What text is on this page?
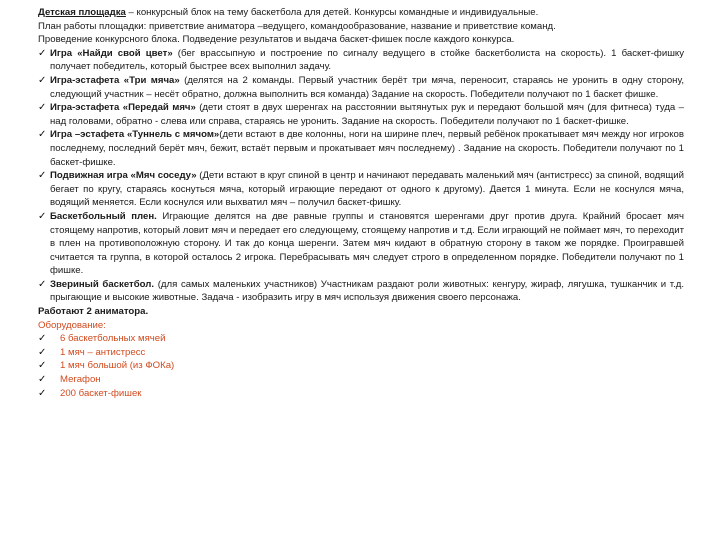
Детская площадка – конкурсный блок на тему баскетбола для детей. Конкурсы командные и индивидуальные.

План работы площадки: приветствие аниматора –ведущего, командообразование, название и приветствие команд.

Проведение конкурсного блока. Подведение результатов и выдача баскет-фишек после каждого конкурса.

✓ Игра «Найди свой цвет» (бег врассыпную и построение по сигналу ведущего в стойке баскетболиста на скорость). 1 баскет-фишку получает победитель, который быстрее всех выполнил задачу.
✓ Игра-эстафета «Три мяча» (делятся на 2 команды. Первый участник берёт три мяча, переносит, стараясь не уронить в одну сторону, следующий участник – несёт обратно, должна выполнить вся команда) Задание на скорость. Победители получают по 1 баскет фишке.
✓ Игра-эстафета «Передай мяч» (дети стоят в двух шеренгах на расстоянии вытянутых рук и передают большой мяч (для фитнеса) туда – над головами, обратно - слева или справа, стараясь не уронить. Задание на скорость. Победители получают по 1 баскет-фишке.
✓ Игра –эстафета «Туннель с мячом»(дети встают в две колонны, ноги на ширине плеч, первый ребёнок прокатывает мяч между ног игроков последнему, последний берёт мяч, бежит, встаёт первым и прокатывает мяч последнему) . Задание на скорость. Победители получают по 1 баскет-фишке.
✓ Подвижная игра «Мяч соседу» (Дети встают в круг спиной в центр и начинают передавать маленький мяч (антистресс) за спиной, водящий бегает по кругу, стараясь коснуться мяча, который играющие передают от одного к другому). Дается 1 минута. Если не коснулся мяча, водящий меняется. Если коснулся или выхватил мяч – получил баскет-фишку.
✓ Баскетбольный плен. Играющие делятся на две равные группы и становятся шеренгами друг против друга. Крайний бросает мяч стоящему напротив, который ловит мяч и передает его следующему, стоящему напротив и т.д. Если играющий не поймает мяч, то переходит в плен на противоположную сторону. И так до конца шеренги. Затем мяч кидают в обратную сторону в таком же порядке. Проигравшей считается та группа, в которой осталось 2 игрока. Перебрасывать мяч следует строго в определенном порядке. Победители получают по 1 фишке.
✓ Звериный баскетбол. (для самых маленьких участников) Участникам раздают роли животных: кенгуру, жираф, лягушка, тушканчик и т.д. прыгающие и высокие животные. Задача - изобразить игру в мяч используя движения своего персонажа.

Работают 2 аниматора.

Оборудование:

✓ 6 баскетбольных мячей
✓ 1 мяч – антистресс
✓ 1 мяч большой (из ФОКа)
✓ Мегафон
✓ 200 баскет-фишек
